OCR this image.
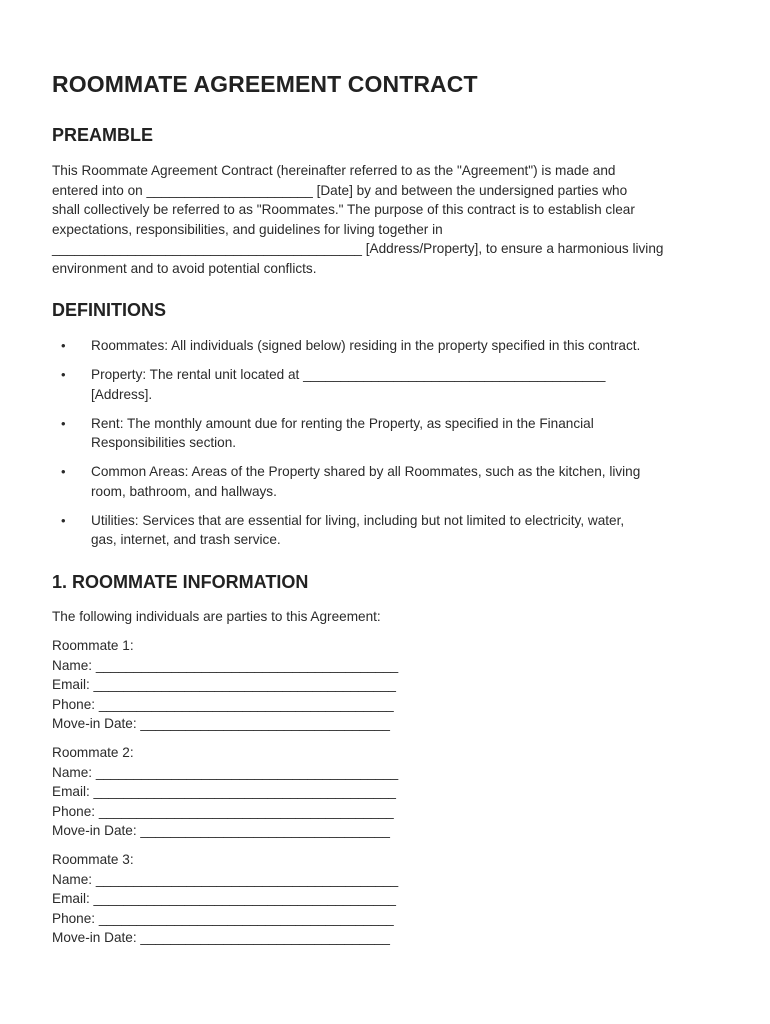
ROOMMATE AGREEMENT CONTRACT
PREAMBLE

This Roommate Agreement Contract (hereinafter referred to as the "Agreement") is made and
entered into on ______________________ [Date] by and between the undersigned parties who
shall collectively be referred to as "Roommates." The purpose of this contract is to establish clear
expectations, responsibilities, and guidelines for living together in
_________________________________________ [Address/Property], to ensure a harmonious living
environment and to avoid potential conflicts.

DEFINITIONS
• Roommates: All individuals (signed below) residing in the property specified in this contract.
• Property: The rental unit located at ________________________________________
[Address].
• Rent: The monthly amount due for renting the Property, as specified in the Financial
Responsibilities section.
• Common Areas: Areas of the Property shared by all Roommates, such as the kitchen, living
room, bathroom, and hallways.
• Utilities: Services that are essential for living, including but not limited to electricity, water,
gas, internet, and trash service.
1. ROOMMATE INFORMATION

The following individuals are parties to this Agreement:

Roommate 1:
Name: ________________________________________
Email: ________________________________________
Phone: _______________________________________
Move-in Date: _________________________________
Roommate 2:
Name: ________________________________________
Email: ________________________________________
Phone: _______________________________________
Move-in Date: _________________________________
Roommate 3:
Name: ________________________________________
Email: ________________________________________
Phone: _______________________________________
Move-in Date: _________________________________
